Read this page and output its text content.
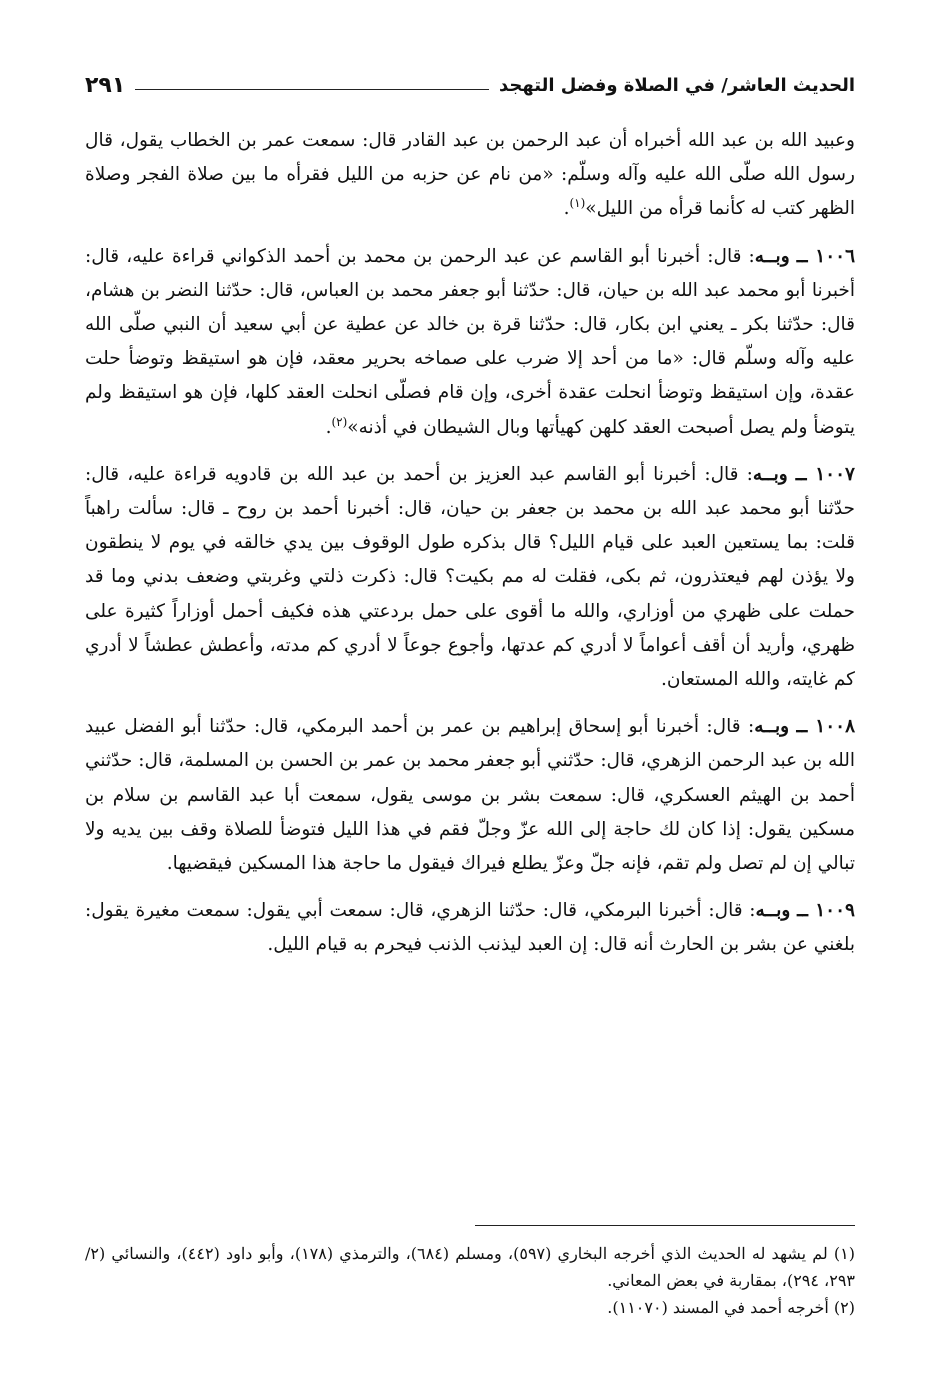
الحديث العاشر/ في الصلاة وفضل التهجد
٢٩١

وعبيد الله بن عبد الله أخبراه أن عبد الرحمن بن عبد القادر قال: سمعت عمر بن الخطاب يقول، قال رسول الله صلّى الله عليه وآله وسلّم: «من نام عن حزبه من الليل فقرأه ما بين صلاة الفجر وصلاة الظهر كتب له كأنما قرأه من الليل»$^{(١)}$.

١٠٠٦ ــ وبــه: قال: أخبرنا أبو القاسم عن عبد الرحمن بن محمد بن أحمد الذكواني قراءة عليه، قال: أخبرنا أبو محمد عبد الله بن حيان، قال: حدّثنا أبو جعفر محمد بن العباس، قال: حدّثنا النضر بن هشام، قال: حدّثنا بكر ـ يعني ابن بكار، قال: حدّثنا قرة بن خالد عن عطية عن أبي سعيد أن النبي صلّى الله عليه وآله وسلّم قال: «ما من أحد إلا ضرب على صماخه بحرير معقد، فإن هو استيقظ وتوضأ حلت عقدة، وإن استيقظ وتوضأ انحلت عقدة أخرى، وإن قام فصلّى انحلت العقد كلها، فإن هو استيقظ ولم يتوضأ ولم يصل أصبحت العقد كلهن كهيأتها وبال الشيطان في أذنه»$^{(٢)}$.

١٠٠٧ ــ وبــه: قال: أخبرنا أبو القاسم عبد العزيز بن أحمد بن عبد الله بن قادويه قراءة عليه، قال: حدّثنا أبو محمد عبد الله بن محمد بن جعفر بن حيان، قال: أخبرنا أحمد بن روح ـ قال: سألت راهباً قلت: بما يستعين العبد على قيام الليل؟ قال بذكره طول الوقوف بين يدي خالقه في يوم لا ينطقون ولا يؤذن لهم فيعتذرون، ثم بكى، فقلت له مم بكيت؟ قال: ذكرت ذلتي وغربتي وضعف بدني وما قد حملت على ظهري من أوزاري، والله ما أقوى على حمل بردعتي هذه فكيف أحمل أوزاراً كثيرة على ظهري، وأريد أن أقف أعواماً لا أدري كم عدتها، وأجوع جوعاً لا أدري كم مدته، وأعطش عطشاً لا أدري كم غايته، والله المستعان.

١٠٠٨ ــ وبــه: قال: أخبرنا أبو إسحاق إبراهيم بن عمر بن أحمد البرمكي، قال: حدّثنا أبو الفضل عبيد الله بن عبد الرحمن الزهري، قال: حدّثني أبو جعفر محمد بن عمر بن الحسن بن المسلمة، قال: حدّثني أحمد بن الهيثم العسكري، قال: سمعت بشر بن موسى يقول، سمعت أبا عبد القاسم بن سلام بن مسكين يقول: إذا كان لك حاجة إلى الله عزّ وجلّ فقم في هذا الليل فتوضأ للصلاة وقف بين يديه ولا تبالي إن لم تصل ولم تقم، فإنه جلّ وعزّ يطلع فيراك فيقول ما حاجة هذا المسكين فيقضيها.

١٠٠٩ ــ وبــه: قال: أخبرنا البرمكي، قال: حدّثنا الزهري، قال: سمعت أبي يقول: سمعت مغيرة يقول: بلغني عن بشر بن الحارث أنه قال: إن العبد ليذنب الذنب فيحرم به قيام الليل.

(١) لم يشهد له الحديث الذي أخرجه البخاري (٥٩٧)، ومسلم (٦٨٤)، والترمذي (١٧٨)، وأبو داود (٤٤٢)، والنسائي (٢/ ٢٩٣، ٢٩٤)، بمقاربة في بعض المعاني.

(٢) أخرجه أحمد في المسند (١١٠٧٠).
